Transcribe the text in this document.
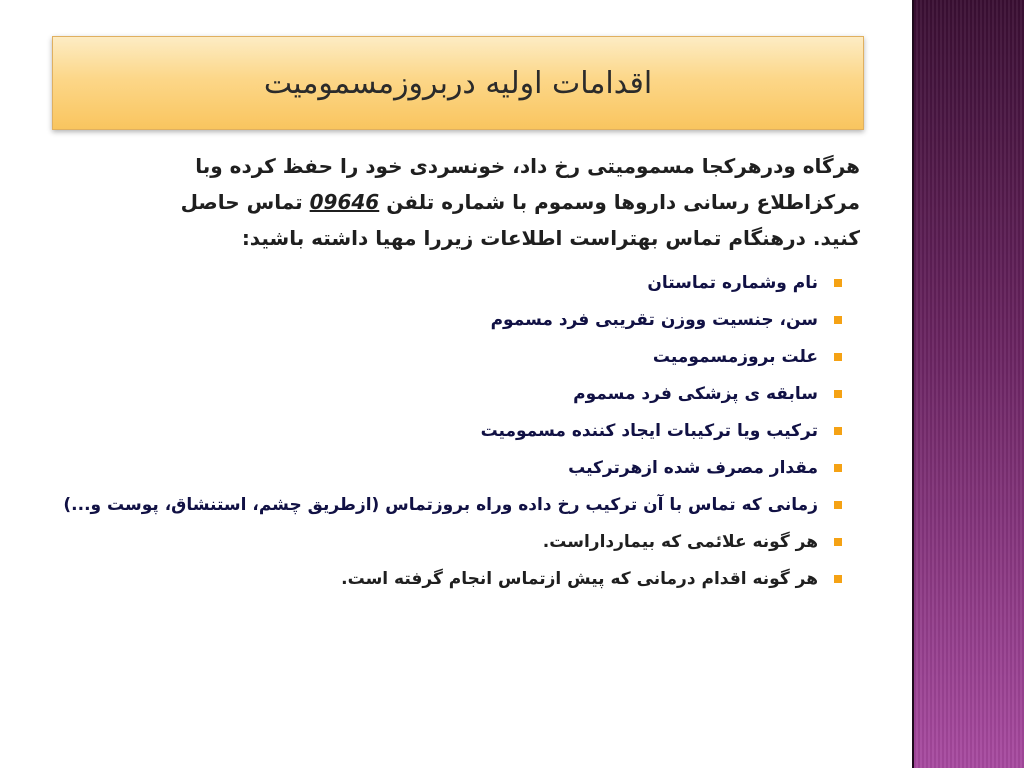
اقدامات اولیه دربروزمسمومیت
هرگاه ودرهرکجا مسمومیتی رخ داد، خونسردی خود را حفظ کرده وبا
مرکزاطلاع رسانی داروها وسموم با شماره تلفن 09646 تماس حاصل
کنید. درهنگام تماس بهتراست اطلاعات زیررا مهیا داشته باشید:
نام وشماره تماستان
سن، جنسیت ووزن تقریبی فرد مسموم
علت بروزمسمومیت
سابقه ی پزشکی فرد مسموم
ترکیب ویا ترکیبات ایجاد کننده مسمومیت
مقدار مصرف شده ازهرترکیب
زمانی که تماس با آن ترکیب رخ داده وراه بروزتماس (ازطریق چشم، استنشاق، پوست و...)
هر گونه علائمی که بیمارداراست.
هر گونه اقدام درمانی که پیش ازتماس انجام گرفته است.
